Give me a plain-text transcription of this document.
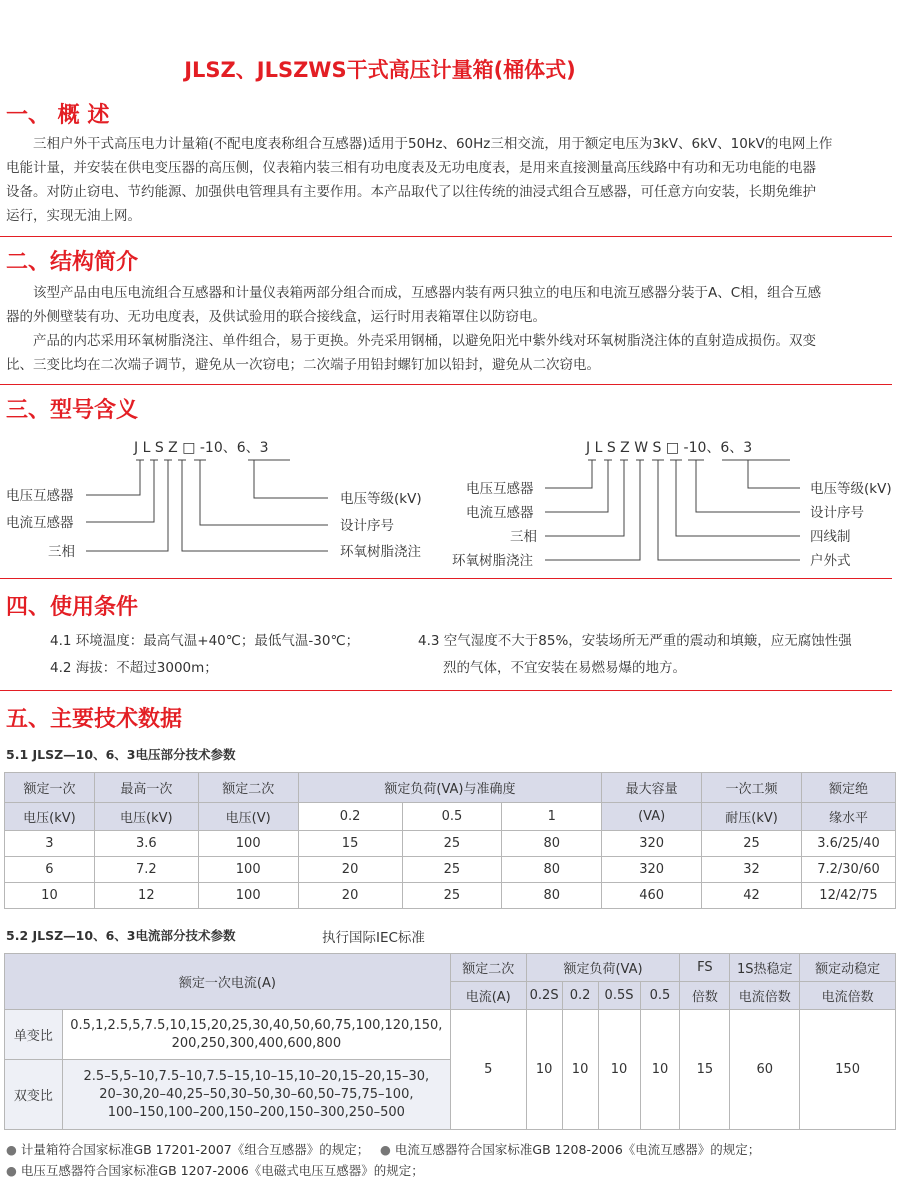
JLSZ、JLSZWS干式高压计量箱(桶体式)
一、 概 述
三相户外干式高压电力计量箱(不配电度表称组合互感器)适用于50Hz、60Hz三相交流，用于额定电压为3kV、6kV、10kV的电网上作
电能计量，并安装在供电变压器的高压侧，仪表箱内装三相有功电度表及无功电度表，是用来直接测量高压线路中有功和无功电能的电器
设备。对防止窃电、节约能源、加强供电管理具有主要作用。本产品取代了以往传统的油浸式组合互感器，可任意方向安装，长期免维护
运行，实现无油上网。
二、结构简介
该型产品由电压电流组合互感器和计量仪表箱两部分组合而成，互感器内装有两只独立的电压和电流互感器分装于A、C相，组合互感
器的外侧壁装有功、无功电度表，及供试验用的联合接线盒，运行时用表箱罩住以防窃电。
产品的内芯采用环氧树脂浇注、单件组合，易于更换。外壳采用钢桶，以避免阳光中紫外线对环氧树脂浇注体的直射造成损伤。双变
比、三变比均在二次端子调节，避免从一次窃电；二次端子用铅封螺钉加以铅封，避免从二次窃电。
三、型号含义
J L S Z □ -10、6、3
电压互感器
电流互感器
三相
电压等级(kV)
设计序号
环氧树脂浇注
J L S Z W S □ -10、6、3
电压互感器
电流互感器
三相
环氧树脂浇注
电压等级(kV)
设计序号
四线制
户外式
四、使用条件
4.1 环境温度：最高气温+40℃；最低气温-30℃；
4.2 海拔：不超过3000m；
4.3 空气湿度不大于85%，安装场所无严重的震动和填簸，应无腐蚀性强
烈的气体，不宜安装在易燃易爆的地方。
五、主要技术数据
5.1 JLSZ—10、6、3电压部分技术参数
额定一次	最高一次	额定二次	额定负荷(VA)与准确度			最大容量	一次工频	额定绝
电压(kV)	电压(kV)	电压(V)	0.2	0.5	1	(VA)	耐压(kV)	缘水平
3	3.6	100	15	25	80	320	25	3.6/25/40
6	7.2	100	20	25	80	320	32	7.2/30/60
10	12	100	20	25	80	460	42	12/42/75
5.2 JLSZ—10、6、3电流部分技术参数	执行国际IEC标准
额定一次电流(A)		额定二次	额定负荷(VA)				FS	1S热稳定	额定动稳定
		电流(A)	0.2S	0.2	0.5S	0.5	倍数	电流倍数	电流倍数
单变比	0.5,1,2.5,5,7.5,10,15,20,25,30,40,50,60,75,100,120,150,
200,250,300,400,600,800	5	10	10	10	10	15	60	150
双变比	2.5–5,5–10,7.5–10,7.5–15,10–15,10–20,15–20,15–30,
20–30,20–40,25–50,30–50,30–60,50–75,75–100,
100–150,100–200,150–200,150–300,250–500								
● 计量箱符合国家标准GB 17201-2007《组合互感器》的规定； ● 电流互感器符合国家标准GB 1208-2006《电流互感器》的规定；
● 电压互感器符合国家标准GB 1207-2006《电磁式电压互感器》的规定；
